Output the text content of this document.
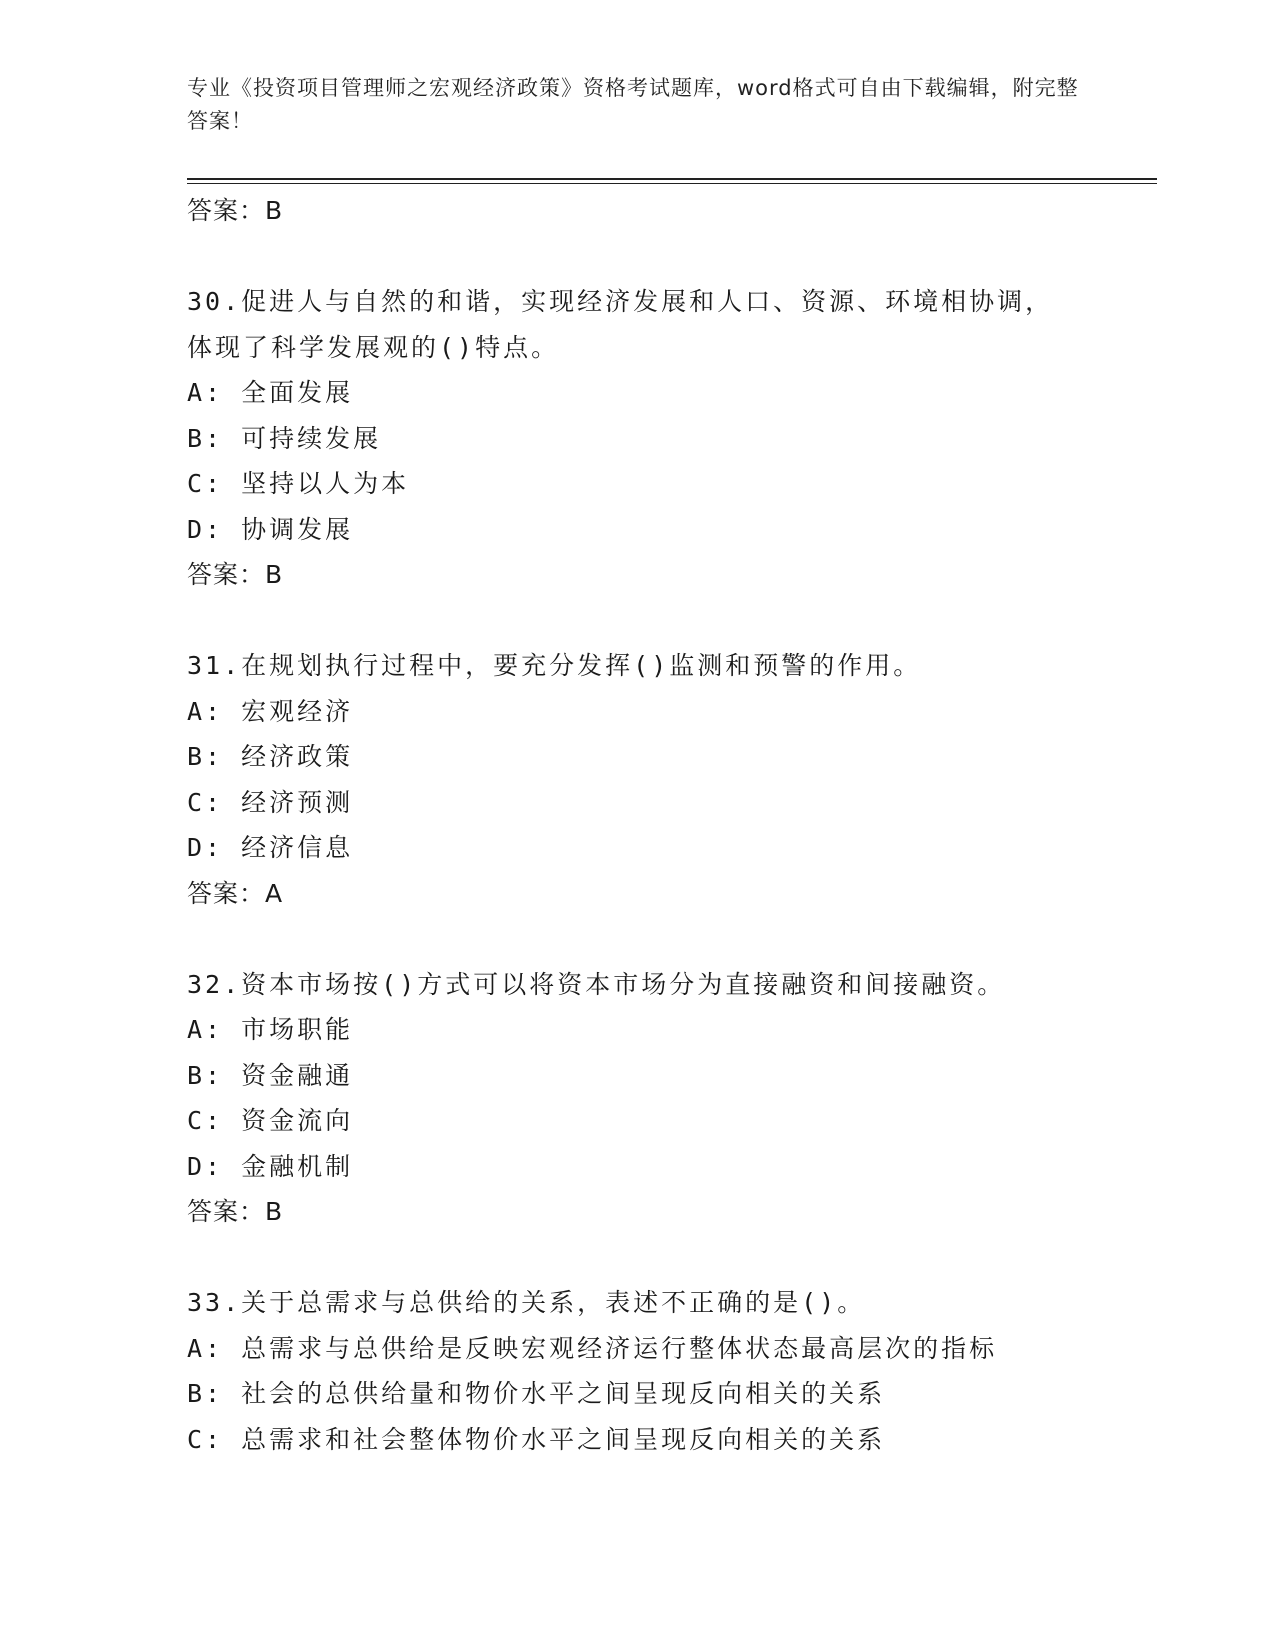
专业《投资项目管理师之宏观经济政策》资格考试题库，word格式可自由下载编辑，附完整答案！
答案：B
30.促进人与自然的和谐，实现经济发展和人口、资源、环境相协调，
体现了科学发展观的()特点。
A: 全面发展
B: 可持续发展
C: 坚持以人为本
D: 协调发展
答案：B
31.在规划执行过程中，要充分发挥()监测和预警的作用。
A: 宏观经济
B: 经济政策
C: 经济预测
D: 经济信息
答案：A
32.资本市场按()方式可以将资本市场分为直接融资和间接融资。
A: 市场职能
B: 资金融通
C: 资金流向
D: 金融机制
答案：B
33.关于总需求与总供给的关系，表述不正确的是()。
A: 总需求与总供给是反映宏观经济运行整体状态最高层次的指标
B: 社会的总供给量和物价水平之间呈现反向相关的关系
C: 总需求和社会整体物价水平之间呈现反向相关的关系
